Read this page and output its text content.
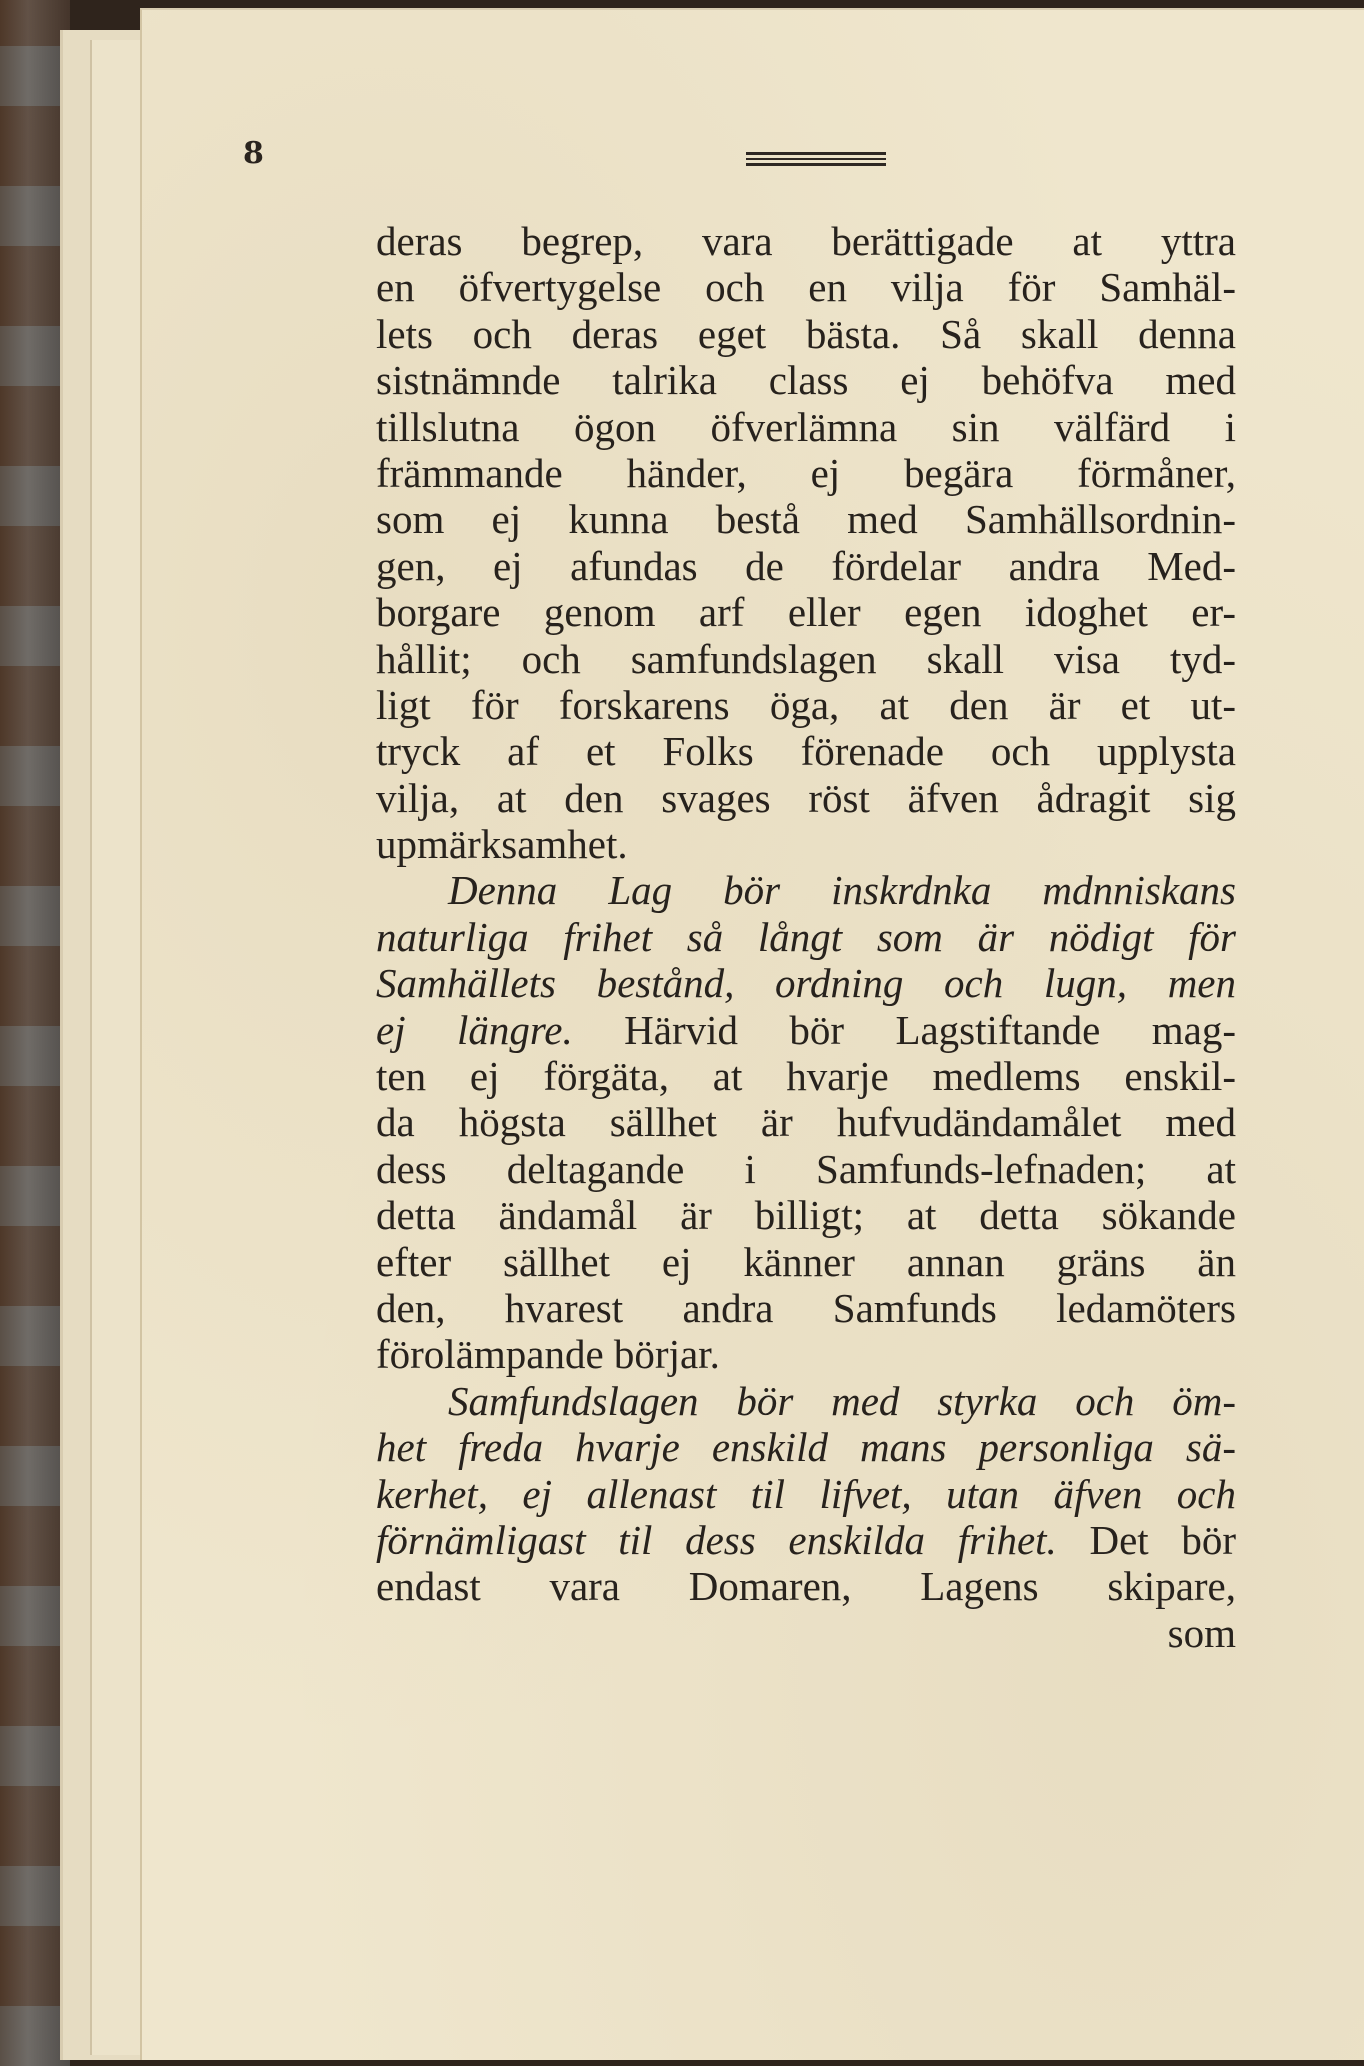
8
deras begrep, vara berättigade at yttra
en öfvertygelse och en vilja för Samhäl-
lets och deras eget bästa. Så skall denna
sistnämnde talrika class ej behöfva med
tillslutna ögon öfverlämna sin välfärd i
främmande händer, ej begära förmåner,
som ej kunna bestå med Samhällsordnin-
gen, ej afundas de fördelar andra Med-
borgare genom arf eller egen idoghet er-
hållit; och samfundslagen skall visa tyd-
ligt för forskarens öga, at den är et ut-
tryck af et Folks förenade och upplysta
vilja, at den svages röst äfven ådragit sig
upmärksamhet.
Denna Lag bör inskrdnka mdnniskans
naturliga frihet så långt som är nödigt för
Samhällets bestånd, ordning och lugn, men
ej längre. Härvid bör Lagstiftande mag-
ten ej förgäta, at hvarje medlems enskil-
da högsta sällhet är hufvudändamålet med
dess deltagande i Samfunds-lefnaden; at
detta ändamål är billigt; at detta sökande
efter sällhet ej känner annan gräns än
den, hvarest andra Samfunds ledamöters
förolämpande börjar.
Samfundslagen bör med styrka och öm-
het freda hvarje enskild mans personliga sä-
kerhet, ej allenast til lifvet, utan äfven och
förnämligast til dess enskilda frihet. Det bör
endast vara Domaren, Lagens skipare,
som
